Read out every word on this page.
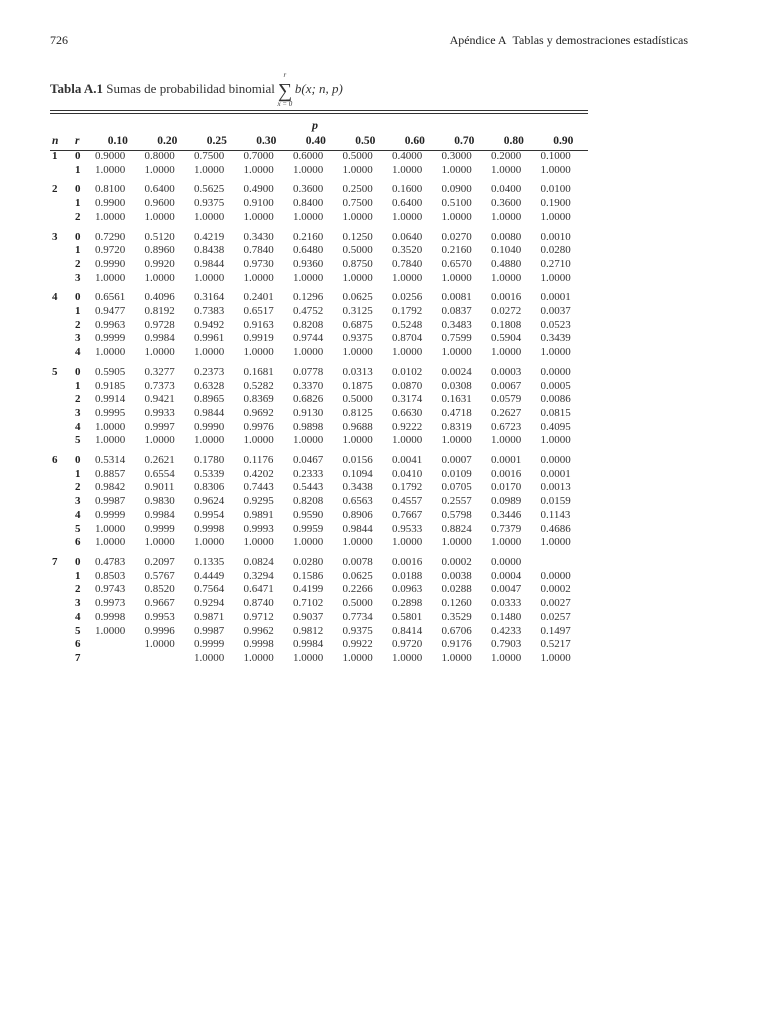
726	Apéndice A Tablas y demostraciones estadísticas
Tabla A.1 Sumas de probabilidad binomial
r
∑
x = 0
b(x; n, p)
p
n	r	0.10	0.20	0.25	0.30	0.40	0.50	0.60	0.70	0.80	0.90
1	0	0.9000	0.8000	0.7500	0.7000	0.6000	0.5000	0.4000	0.3000	0.2000	0.1000
	1	1.0000	1.0000	1.0000	1.0000	1.0000	1.0000	1.0000	1.0000	1.0000	1.0000

2	0	0.8100	0.6400	0.5625	0.4900	0.3600	0.2500	0.1600	0.0900	0.0400	0.0100
	1	0.9900	0.9600	0.9375	0.9100	0.8400	0.7500	0.6400	0.5100	0.3600	0.1900
	2	1.0000	1.0000	1.0000	1.0000	1.0000	1.0000	1.0000	1.0000	1.0000	1.0000

3	0	0.7290	0.5120	0.4219	0.3430	0.2160	0.1250	0.0640	0.0270	0.0080	0.0010
	1	0.9720	0.8960	0.8438	0.7840	0.6480	0.5000	0.3520	0.2160	0.1040	0.0280
	2	0.9990	0.9920	0.9844	0.9730	0.9360	0.8750	0.7840	0.6570	0.4880	0.2710
	3	1.0000	1.0000	1.0000	1.0000	1.0000	1.0000	1.0000	1.0000	1.0000	1.0000

4	0	0.6561	0.4096	0.3164	0.2401	0.1296	0.0625	0.0256	0.0081	0.0016	0.0001
	1	0.9477	0.8192	0.7383	0.6517	0.4752	0.3125	0.1792	0.0837	0.0272	0.0037
	2	0.9963	0.9728	0.9492	0.9163	0.8208	0.6875	0.5248	0.3483	0.1808	0.0523
	3	0.9999	0.9984	0.9961	0.9919	0.9744	0.9375	0.8704	0.7599	0.5904	0.3439
	4	1.0000	1.0000	1.0000	1.0000	1.0000	1.0000	1.0000	1.0000	1.0000	1.0000

5	0	0.5905	0.3277	0.2373	0.1681	0.0778	0.0313	0.0102	0.0024	0.0003	0.0000
	1	0.9185	0.7373	0.6328	0.5282	0.3370	0.1875	0.0870	0.0308	0.0067	0.0005
	2	0.9914	0.9421	0.8965	0.8369	0.6826	0.5000	0.3174	0.1631	0.0579	0.0086
	3	0.9995	0.9933	0.9844	0.9692	0.9130	0.8125	0.6630	0.4718	0.2627	0.0815
	4	1.0000	0.9997	0.9990	0.9976	0.9898	0.9688	0.9222	0.8319	0.6723	0.4095
	5	1.0000	1.0000	1.0000	1.0000	1.0000	1.0000	1.0000	1.0000	1.0000	1.0000

6	0	0.5314	0.2621	0.1780	0.1176	0.0467	0.0156	0.0041	0.0007	0.0001	0.0000
	1	0.8857	0.6554	0.5339	0.4202	0.2333	0.1094	0.0410	0.0109	0.0016	0.0001
	2	0.9842	0.9011	0.8306	0.7443	0.5443	0.3438	0.1792	0.0705	0.0170	0.0013
	3	0.9987	0.9830	0.9624	0.9295	0.8208	0.6563	0.4557	0.2557	0.0989	0.0159
	4	0.9999	0.9984	0.9954	0.9891	0.9590	0.8906	0.7667	0.5798	0.3446	0.1143
	5	1.0000	0.9999	0.9998	0.9993	0.9959	0.9844	0.9533	0.8824	0.7379	0.4686
	6	1.0000	1.0000	1.0000	1.0000	1.0000	1.0000	1.0000	1.0000	1.0000	1.0000

7	0	0.4783	0.2097	0.1335	0.0824	0.0280	0.0078	0.0016	0.0002	0.0000	
	1	0.8503	0.5767	0.4449	0.3294	0.1586	0.0625	0.0188	0.0038	0.0004	0.0000
	2	0.9743	0.8520	0.7564	0.6471	0.4199	0.2266	0.0963	0.0288	0.0047	0.0002
	3	0.9973	0.9667	0.9294	0.8740	0.7102	0.5000	0.2898	0.1260	0.0333	0.0027
	4	0.9998	0.9953	0.9871	0.9712	0.9037	0.7734	0.5801	0.3529	0.1480	0.0257
	5	1.0000	0.9996	0.9987	0.9962	0.9812	0.9375	0.8414	0.6706	0.4233	0.1497
	6		1.0000	0.9999	0.9998	0.9984	0.9922	0.9720	0.9176	0.7903	0.5217
	7			1.0000	1.0000	1.0000	1.0000	1.0000	1.0000	1.0000	1.0000
